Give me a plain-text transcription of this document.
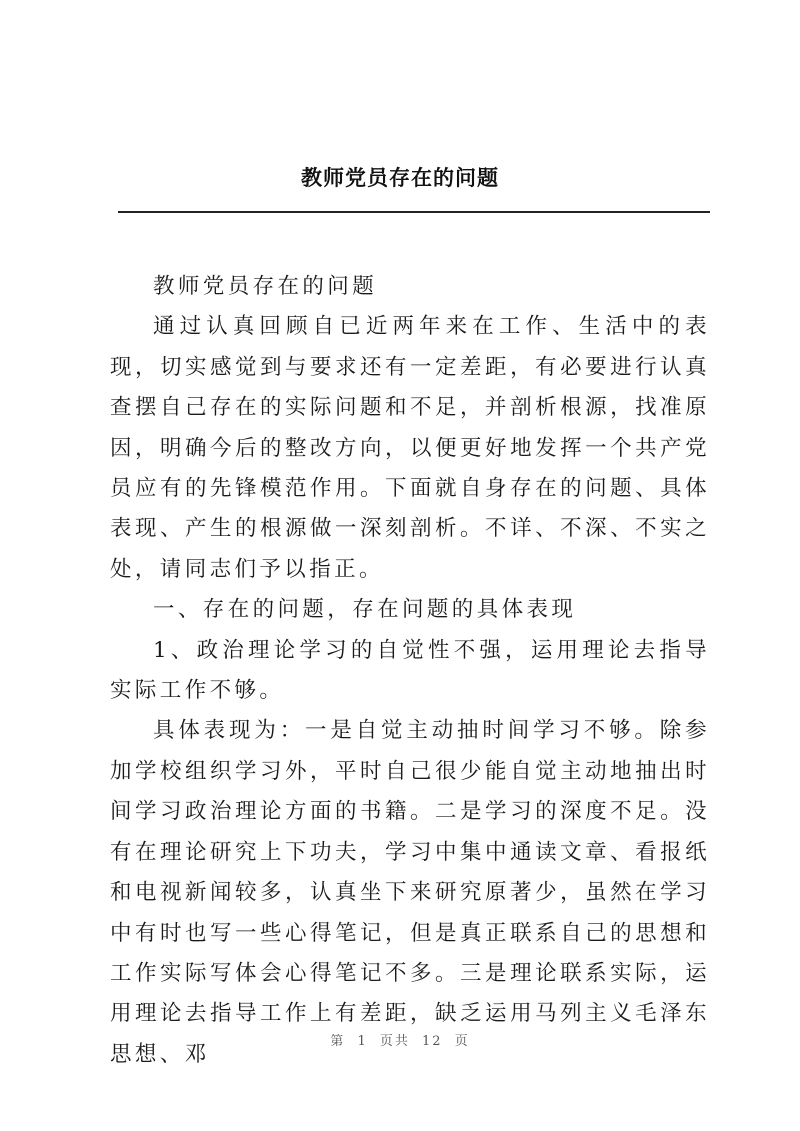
教师党员存在的问题

教师党员存在的问题

通过认真回顾自已近两年来在工作、生活中的表现，切实感觉到与要求还有一定差距，有必要进行认真查摆自己存在的实际问题和不足，并剖析根源，找准原因，明确今后的整改方向，以便更好地发挥一个共产党员应有的先锋模范作用。下面就自身存在的问题、具体表现、产生的根源做一深刻剖析。不详、不深、不实之处，请同志们予以指正。

一、存在的问题，存在问题的具体表现

1、政治理论学习的自觉性不强，运用理论去指导实际工作不够。

具体表现为：一是自觉主动抽时间学习不够。除参加学校组织学习外，平时自己很少能自觉主动地抽出时间学习政治理论方面的书籍。二是学习的深度不足。没有在理论研究上下功夫，学习中集中通读文章、看报纸和电视新闻较多，认真坐下来研究原著少，虽然在学习中有时也写一些心得笔记，但是真正联系自己的思想和工作实际写体会心得笔记不多。三是理论联系实际，运用理论去指导工作上有差距，缺乏运用马列主义毛泽东思想、邓

第 1 页共 12 页
